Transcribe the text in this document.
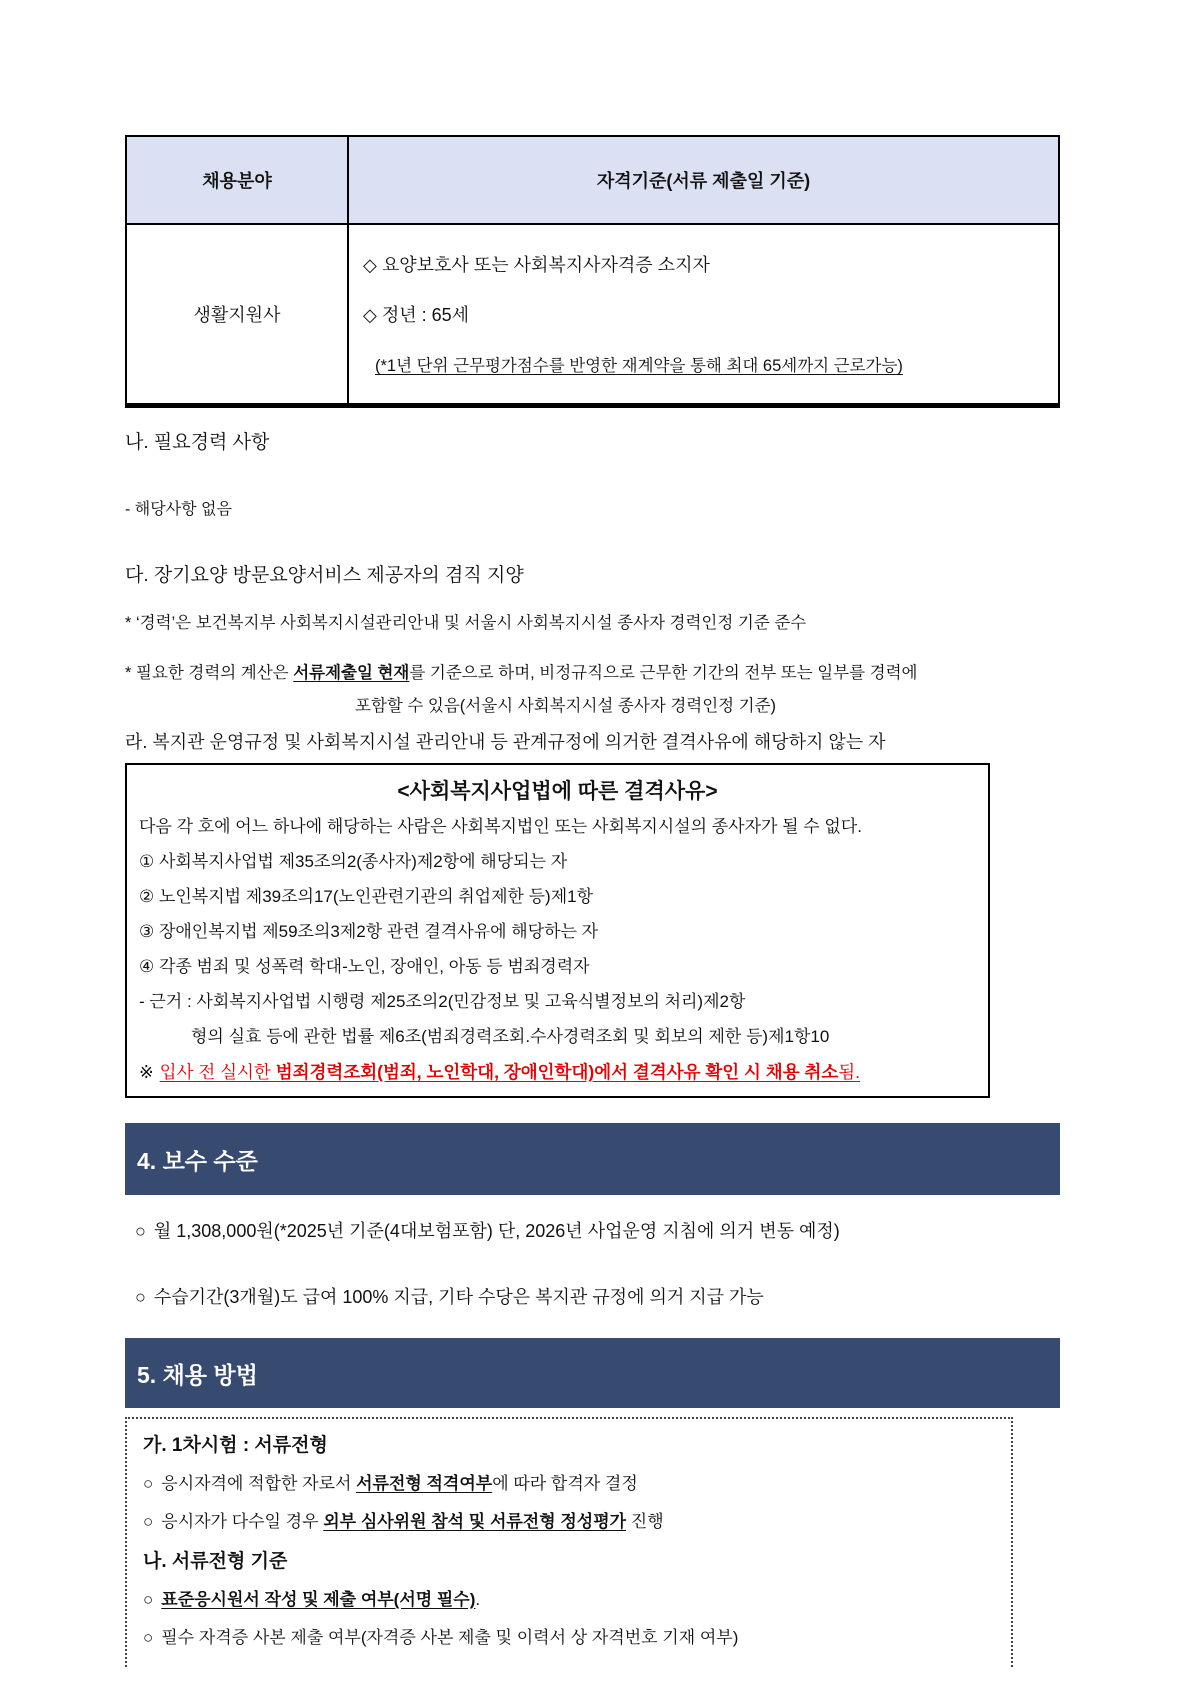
채용분야	자격기준(서류 제출일 기준)
생활지원사	◇ 요양보호사 또는 사회복지사자격증 소지자
◇ 정년 : 65세
(*1년 단위 근무평가점수를 반영한 재계약을 통해 최대 65세까지 근로가능)
나. 필요경력 사항
- 해당사항 없음
다. 장기요양 방문요양서비스 제공자의 겸직 지양
* ‘경력’은 보건복지부 사회복지시설관리안내 및 서울시 사회복지시설 종사자 경력인정 기준 준수
* 필요한 경력의 계산은 서류제출일 현재를 기준으로 하며, 비정규직으로 근무한 기간의 전부 또는 일부를 경력에
포함할 수 있음(서울시 사회복지시설 종사자 경력인정 기준)
라. 복지관 운영규정 및 사회복지시설 관리안내 등 관계규정에 의거한 결격사유에 해당하지 않는 자
<사회복지사업법에 따른 결격사유>
다음 각 호에 어느 하나에 해당하는 사람은 사회복지법인 또는 사회복지시설의 종사자가 될 수 없다.
① 사회복지사업법 제35조의2(종사자)제2항에 해당되는 자
② 노인복지법 제39조의17(노인관련기관의 취업제한 등)제1항
③ 장애인복지법 제59조의3제2항 관련 결격사유에 해당하는 자
④ 각종 범죄 및 성폭력 학대-노인, 장애인, 아동 등 범죄경력자
- 근거 : 사회복지사업법 시행령 제25조의2(민감정보 및 고육식별정보의 처리)제2항
형의 실효 등에 관한 법률 제6조(범죄경력조회.수사경력조회 및 회보의 제한 등)제1항10
※ 입사 전 실시한 범죄경력조회(범죄, 노인학대, 장애인학대)에서 결격사유 확인 시 채용 취소됨.
4. 보수 수준
○ 월 1,308,000원(*2025년 기준(4대보험포함) 단, 2026년 사업운영 지침에 의거 변동 예정)
○ 수습기간(3개월)도 급여 100% 지급, 기타 수당은 복지관 규정에 의거 지급 가능
5. 채용 방법
가. 1차시험 : 서류전형
○ 응시자격에 적합한 자로서 서류전형 적격여부에 따라 합격자 결정
○ 응시자가 다수일 경우 외부 심사위원 참석 및 서류전형 정성평가 진행
나. 서류전형 기준
○ 표준응시원서 작성 및 제출 여부(서명 필수).
○ 필수 자격증 사본 제출 여부(자격증 사본 제출 및 이력서 상 자격번호 기재 여부)
